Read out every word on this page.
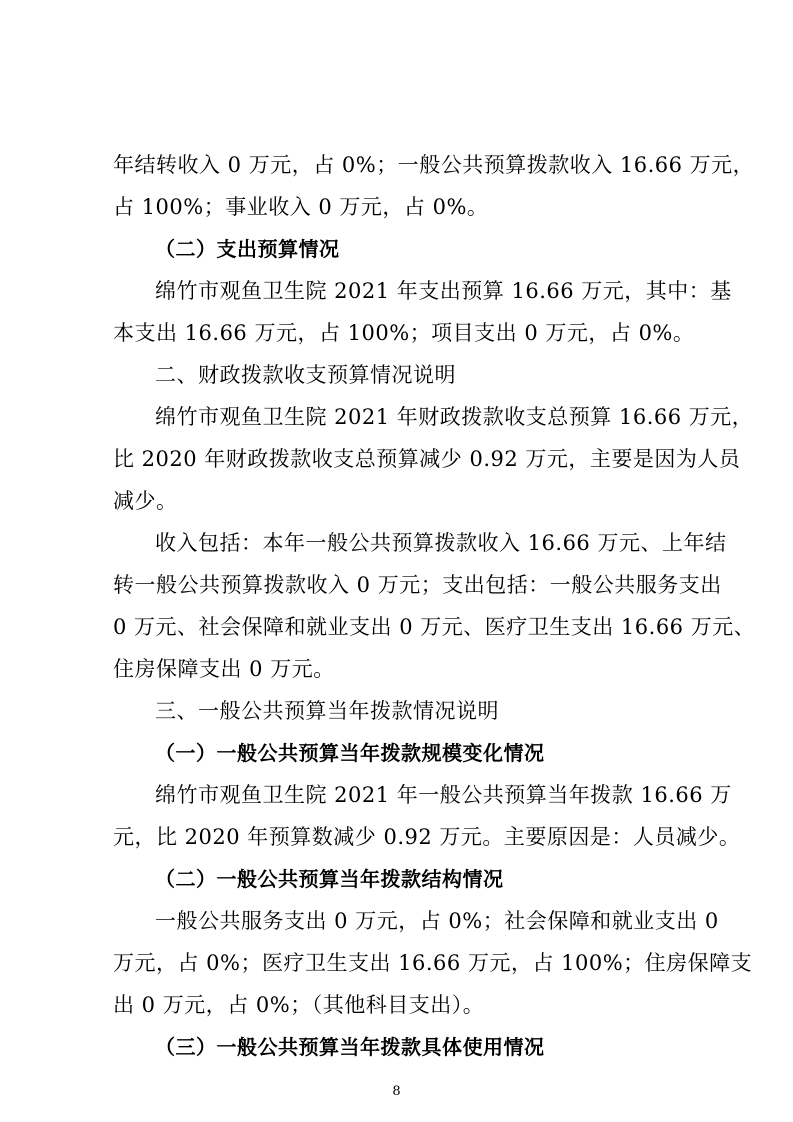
年结转收入 0 万元，占 0%；一般公共预算拨款收入 16.66 万元，
占 100%；事业收入 0 万元，占 0%。
（二）支出预算情况
绵竹市观鱼卫生院 2021 年支出预算 16.66 万元，其中：基
本支出 16.66 万元，占 100%；项目支出 0 万元，占 0%。
二、财政拨款收支预算情况说明
绵竹市观鱼卫生院 2021 年财政拨款收支总预算 16.66 万元，
比 2020 年财政拨款收支总预算减少 0.92 万元，主要是因为人员
减少。
收入包括：本年一般公共预算拨款收入 16.66 万元、上年结
转一般公共预算拨款收入 0 万元；支出包括：一般公共服务支出
0 万元、社会保障和就业支出 0 万元、医疗卫生支出 16.66 万元、
住房保障支出 0 万元。
三、一般公共预算当年拨款情况说明
（一）一般公共预算当年拨款规模变化情况
绵竹市观鱼卫生院 2021 年一般公共预算当年拨款 16.66 万
元，比 2020 年预算数减少 0.92 万元。主要原因是：人员减少。
（二）一般公共预算当年拨款结构情况
一般公共服务支出 0 万元，占 0%；社会保障和就业支出 0
万元，占 0%；医疗卫生支出 16.66 万元，占 100%；住房保障支
出 0 万元，占 0%；（其他科目支出）。
（三）一般公共预算当年拨款具体使用情况
8
